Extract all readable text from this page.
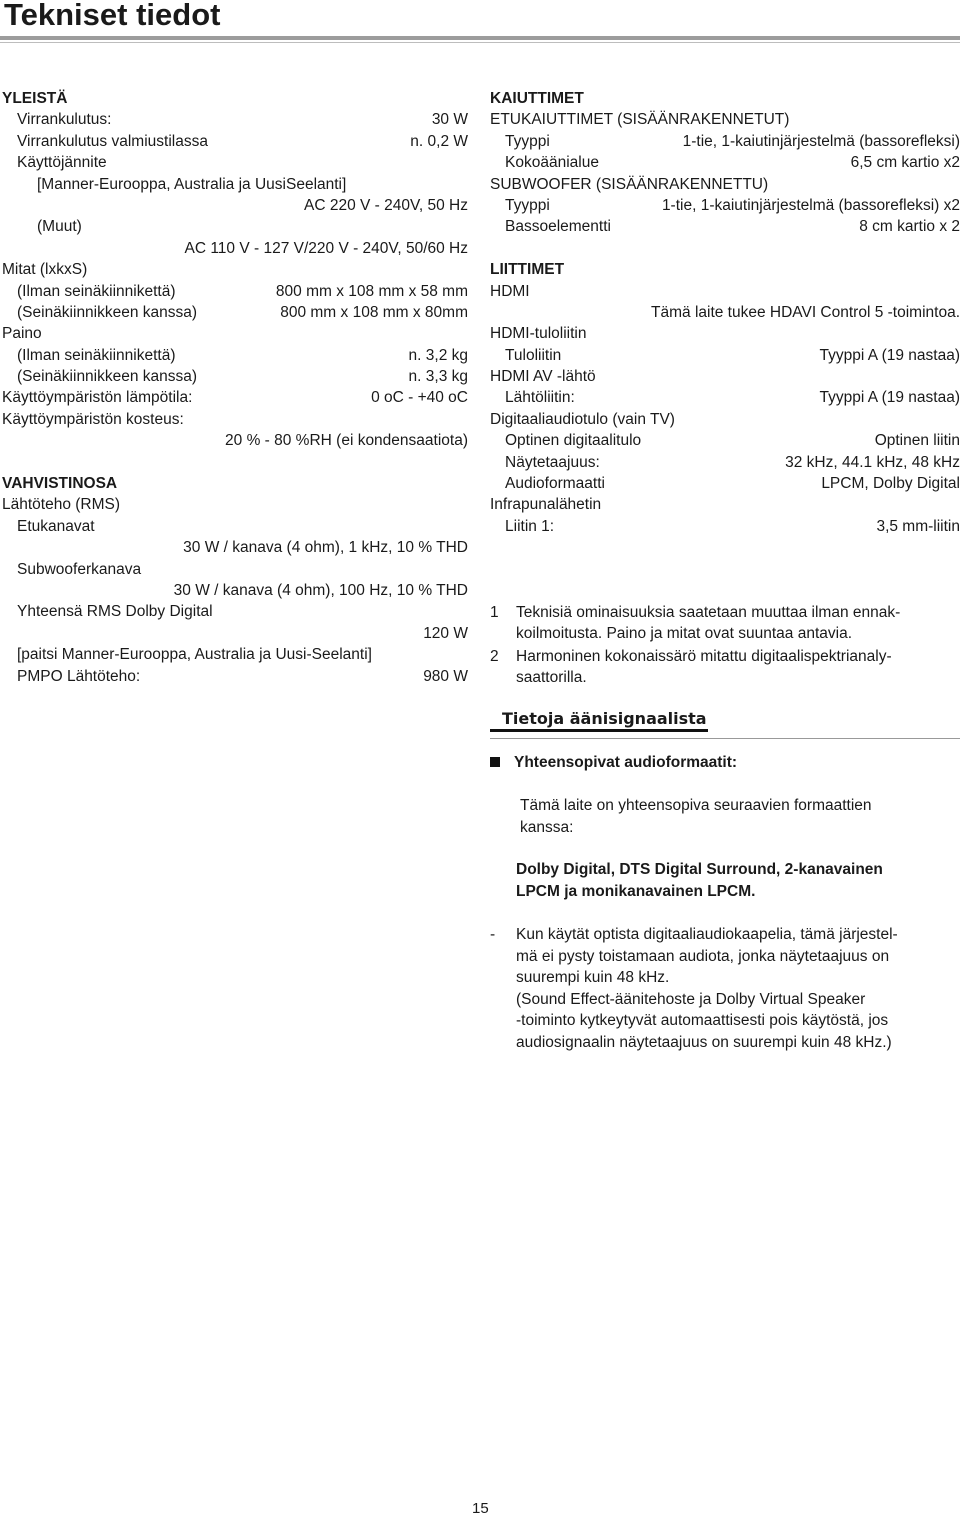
Tekniset tiedot
YLEISTÄ
Virrankulutus:	30 W
Virrankulutus valmiustilassa	n. 0,2 W
Käyttöjännite
[Manner-Eurooppa, Australia ja UusiSeelanti]
AC 220 V - 240V, 50 Hz
(Muut)
AC 110 V - 127 V/220 V - 240V, 50/60 Hz
Mitat (lxkxS)
(Ilman seinäkiinnikettä)	800 mm x 108 mm x 58 mm
(Seinäkiinnikkeen kanssa)	800 mm x 108 mm x 80mm
Paino
(Ilman seinäkiinnikettä)	n. 3,2 kg
(Seinäkiinnikkeen kanssa)	n. 3,3 kg
Käyttöympäristön lämpötila:	0 oC - +40 oC
Käyttöympäristön kosteus:
20 % - 80 %RH (ei kondensaatiota)
VAHVISTINOSA
Lähtöteho (RMS)
Etukanavat
30 W / kanava (4 ohm), 1 kHz, 10 % THD
Subwooferkanava
30 W / kanava (4 ohm), 100 Hz, 10 % THD
Yhteensä RMS Dolby Digital
120 W
[paitsi Manner-Eurooppa, Australia ja Uusi-Seelanti]
PMPO Lähtöteho:	980 W
KAIUTTIMET
ETUKAIUTTIMET (SISÄÄNRAKENNETUT)
Tyyppi	1-tie, 1-kaiutinjärjestelmä (bassorefleksi)
Kokoäänialue	6,5 cm kartio x2
SUBWOOFER (SISÄÄNRAKENNETTU)
Tyyppi	1-tie, 1-kaiutinjärjestelmä (bassorefleksi) x2
Bassoelementti	8 cm kartio x 2
LIITTIMET
HDMI
Tämä laite tukee HDAVI Control 5 -toimintoa.
HDMI-tuloliitin
Tuloliitin	Tyyppi A (19 nastaa)
HDMI AV -lähtö
Lähtöliitin:	Tyyppi A (19 nastaa)
Digitaaliaudiotulo (vain TV)
Optinen digitaalitulo	Optinen liitin
Näytetaajuus:	32 kHz, 44.1 kHz, 48 kHz
Audioformaatti	LPCM, Dolby Digital
Infrapunalähetin
Liitin 1:	3,5 mm-liitin
1 Teknisiä ominaisuuksia saatetaan muuttaa ilman ennak-
koilmoitusta. Paino ja mitat ovat suuntaa antavia.
2 Harmoninen kokonaissärö mitattu digitaalispektrianaly-
saattorilla.
Tietoja äänisignaalista
Yhteensopivat audioformaatit:
Tämä laite on yhteensopiva seuraavien formaattien
kanssa:
Dolby Digital, DTS Digital Surround, 2-kanavainen
LPCM ja monikanavainen LPCM.
- Kun käytät optista digitaaliaudiokaapelia, tämä järjestel-
mä ei pysty toistamaan audiota, jonka näytetaajuus on
suurempi kuin 48 kHz.
(Sound Effect-äänitehoste ja Dolby Virtual Speaker
-toiminto kytkeytyvät automaattisesti pois käytöstä, jos
audiosignaalin näytetaajuus on suurempi kuin 48 kHz.)
15
